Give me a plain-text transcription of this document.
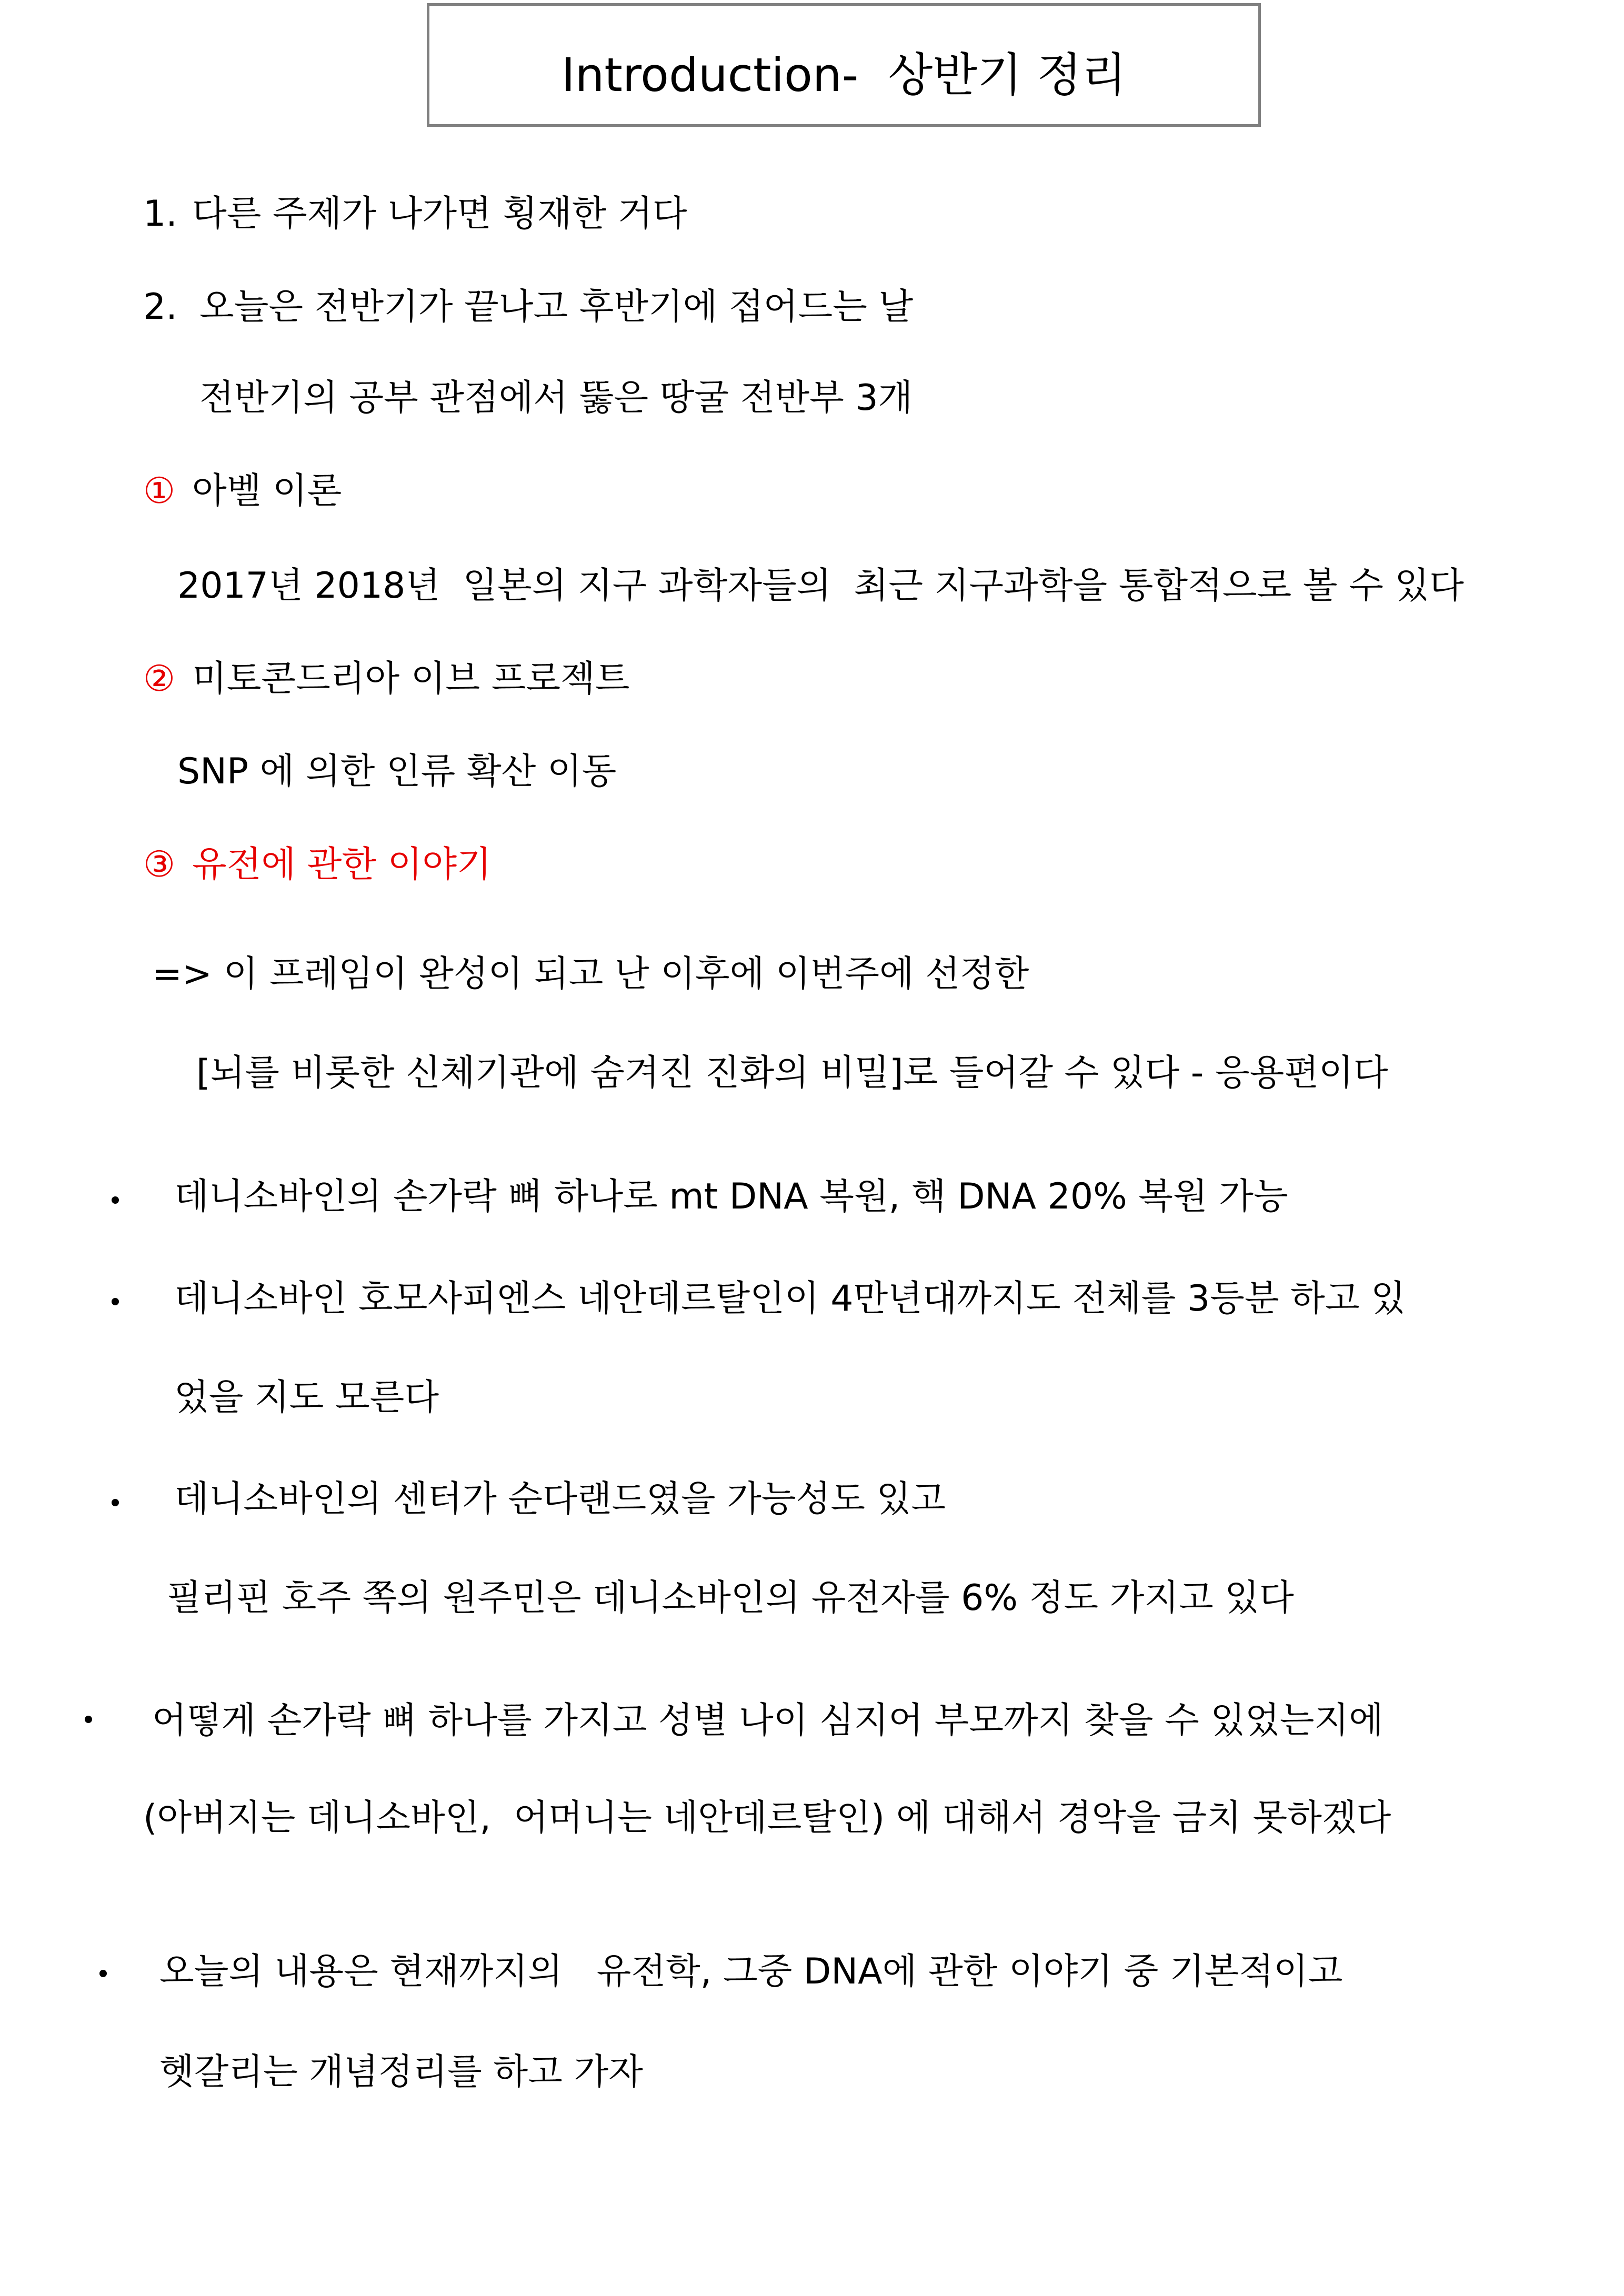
Introduction-  상반기 정리
1. 다른 주제가 나가면 횡재한 거다
2. 오늘은 전반기가 끝나고 후반기에 접어드는 날
전반기의 공부 관점에서 뚫은 땅굴 전반부 3개
① 아벨 이론
2017년 2018년  일본의 지구 과학자들의  최근 지구과학을 통합적으로 볼 수 있다
② 미토콘드리아 이브 프로젝트
SNP 에 의한 인류 확산 이동
③ 유전에 관한 이야기
=> 이 프레임이 완성이 되고 난 이후에 이번주에 선정한
[뇌를 비롯한 신체기관에 숨겨진 진화의 비밀]로 들어갈 수 있다 - 응용편이다
데니소바인의 손가락 뼈 하나로 mt DNA 복원, 핵 DNA 20% 복원 가능
데니소바인 호모사피엔스 네안데르탈인이 4만년대까지도 전체를 3등분 하고 있
었을 지도 모른다
데니소바인의 센터가 순다랜드였을 가능성도 있고
필리핀 호주 쪽의 원주민은 데니소바인의 유전자를 6% 정도 가지고 있다
어떻게 손가락 뼈 하나를 가지고 성별 나이 심지어 부모까지 찾을 수 있었는지에
(아버지는 데니소바인,  어머니는 네안데르탈인) 에 대해서 경악을 금치 못하겠다
오늘의 내용은 현재까지의   유전학, 그중 DNA에 관한 이야기 중 기본적이고
헷갈리는 개념정리를 하고 가자
